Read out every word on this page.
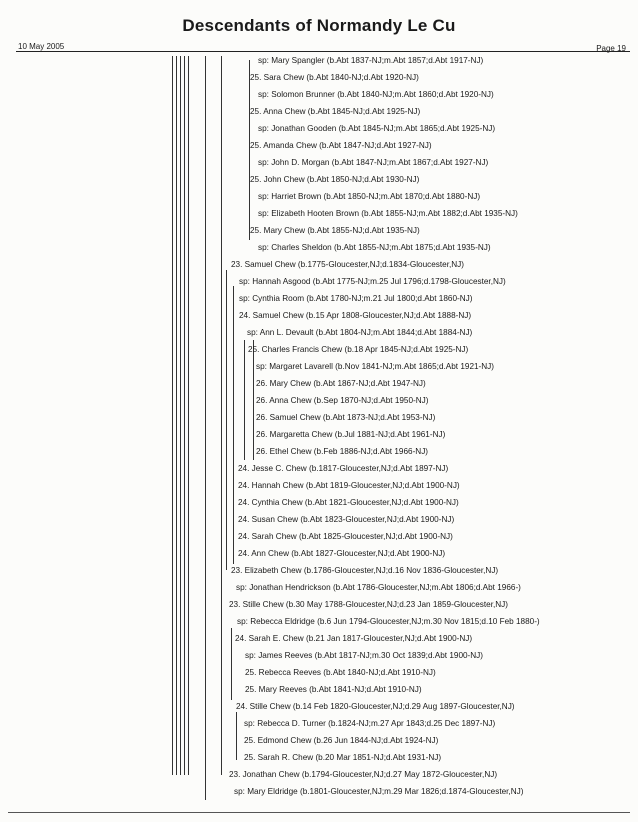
Descendants of Normandy Le Cu
10 May 2005	Page 19
sp: Mary Spangler (b.Abt 1837-NJ;m.Abt 1857;d.Abt 1917-NJ)
25. Sara Chew (b.Abt 1840-NJ;d.Abt 1920-NJ)
sp: Solomon Brunner (b.Abt 1840-NJ;m.Abt 1860;d.Abt 1920-NJ)
25. Anna Chew (b.Abt 1845-NJ;d.Abt 1925-NJ)
sp: Jonathan Gooden (b.Abt 1845-NJ;m.Abt 1865;d.Abt 1925-NJ)
25. Amanda Chew (b.Abt 1847-NJ;d.Abt 1927-NJ)
sp: John D. Morgan (b.Abt 1847-NJ;m.Abt 1867;d.Abt 1927-NJ)
25. John Chew (b.Abt 1850-NJ;d.Abt 1930-NJ)
sp: Harriet Brown (b.Abt 1850-NJ;m.Abt 1870;d.Abt 1880-NJ)
sp: Elizabeth Hooten Brown (b.Abt 1855-NJ;m.Abt 1882;d.Abt 1935-NJ)
25. Mary Chew (b.Abt 1855-NJ;d.Abt 1935-NJ)
sp: Charles Sheldon (b.Abt 1855-NJ;m.Abt 1875;d.Abt 1935-NJ)
23. Samuel Chew (b.1775-Gloucester,NJ;d.1834-Gloucester,NJ)
sp: Hannah Asgood (b.Abt 1775-NJ;m.25 Jul 1796;d.1798-Gloucester,NJ)
sp: Cynthia Room (b.Abt 1780-NJ;m.21 Jul 1800;d.Abt 1860-NJ)
24. Samuel Chew (b.15 Apr 1808-Gloucester,NJ;d.Abt 1888-NJ)
sp: Ann L. Devault (b.Abt 1804-NJ;m.Abt 1844;d.Abt 1884-NJ)
25. Charles Francis Chew (b.18 Apr 1845-NJ;d.Abt 1925-NJ)
sp: Margaret Lavarell (b.Nov 1841-NJ;m.Abt 1865;d.Abt 1921-NJ)
26. Mary Chew (b.Abt 1867-NJ;d.Abt 1947-NJ)
26. Anna Chew (b.Sep 1870-NJ;d.Abt 1950-NJ)
26. Samuel Chew (b.Abt 1873-NJ;d.Abt 1953-NJ)
26. Margaretta Chew (b.Jul 1881-NJ;d.Abt 1961-NJ)
26. Ethel Chew (b.Feb 1886-NJ;d.Abt 1966-NJ)
24. Jesse C. Chew (b.1817-Gloucester,NJ;d.Abt 1897-NJ)
24. Hannah Chew (b.Abt 1819-Gloucester,NJ;d.Abt 1900-NJ)
24. Cynthia Chew (b.Abt 1821-Gloucester,NJ;d.Abt 1900-NJ)
24. Susan Chew (b.Abt 1823-Gloucester,NJ;d.Abt 1900-NJ)
24. Sarah Chew (b.Abt 1825-Gloucester,NJ;d.Abt 1900-NJ)
24. Ann Chew (b.Abt 1827-Gloucester,NJ;d.Abt 1900-NJ)
23. Elizabeth Chew (b.1786-Gloucester,NJ;d.16 Nov 1836-Gloucester,NJ)
sp: Jonathan Hendrickson (b.Abt 1786-Gloucester,NJ;m.Abt 1806;d.Abt 1966-)
23. Stille Chew (b.30 May 1788-Gloucester,NJ;d.23 Jan 1859-Gloucester,NJ)
sp: Rebecca Eldridge (b.6 Jun 1794-Gloucester,NJ;m.30 Nov 1815;d.10 Feb 1880-)
24. Sarah E. Chew (b.21 Jan 1817-Gloucester,NJ;d.Abt 1900-NJ)
sp: James Reeves (b.Abt 1817-NJ;m.30 Oct 1839;d.Abt 1900-NJ)
25. Rebecca Reeves (b.Abt 1840-NJ;d.Abt 1910-NJ)
25. Mary Reeves (b.Abt 1841-NJ;d.Abt 1910-NJ)
24. Stille Chew (b.14 Feb 1820-Gloucester,NJ;d.29 Aug 1897-Gloucester,NJ)
sp: Rebecca D. Turner (b.1824-NJ;m.27 Apr 1843;d.25 Dec 1897-NJ)
25. Edmond Chew (b.26 Jun 1844-NJ;d.Abt 1924-NJ)
25. Sarah R. Chew (b.20 Mar 1851-NJ;d.Abt 1931-NJ)
23. Jonathan Chew (b.1794-Gloucester,NJ;d.27 May 1872-Gloucester,NJ)
sp: Mary Eldridge (b.1801-Gloucester,NJ;m.29 Mar 1826;d.1874-Gloucester,NJ)
